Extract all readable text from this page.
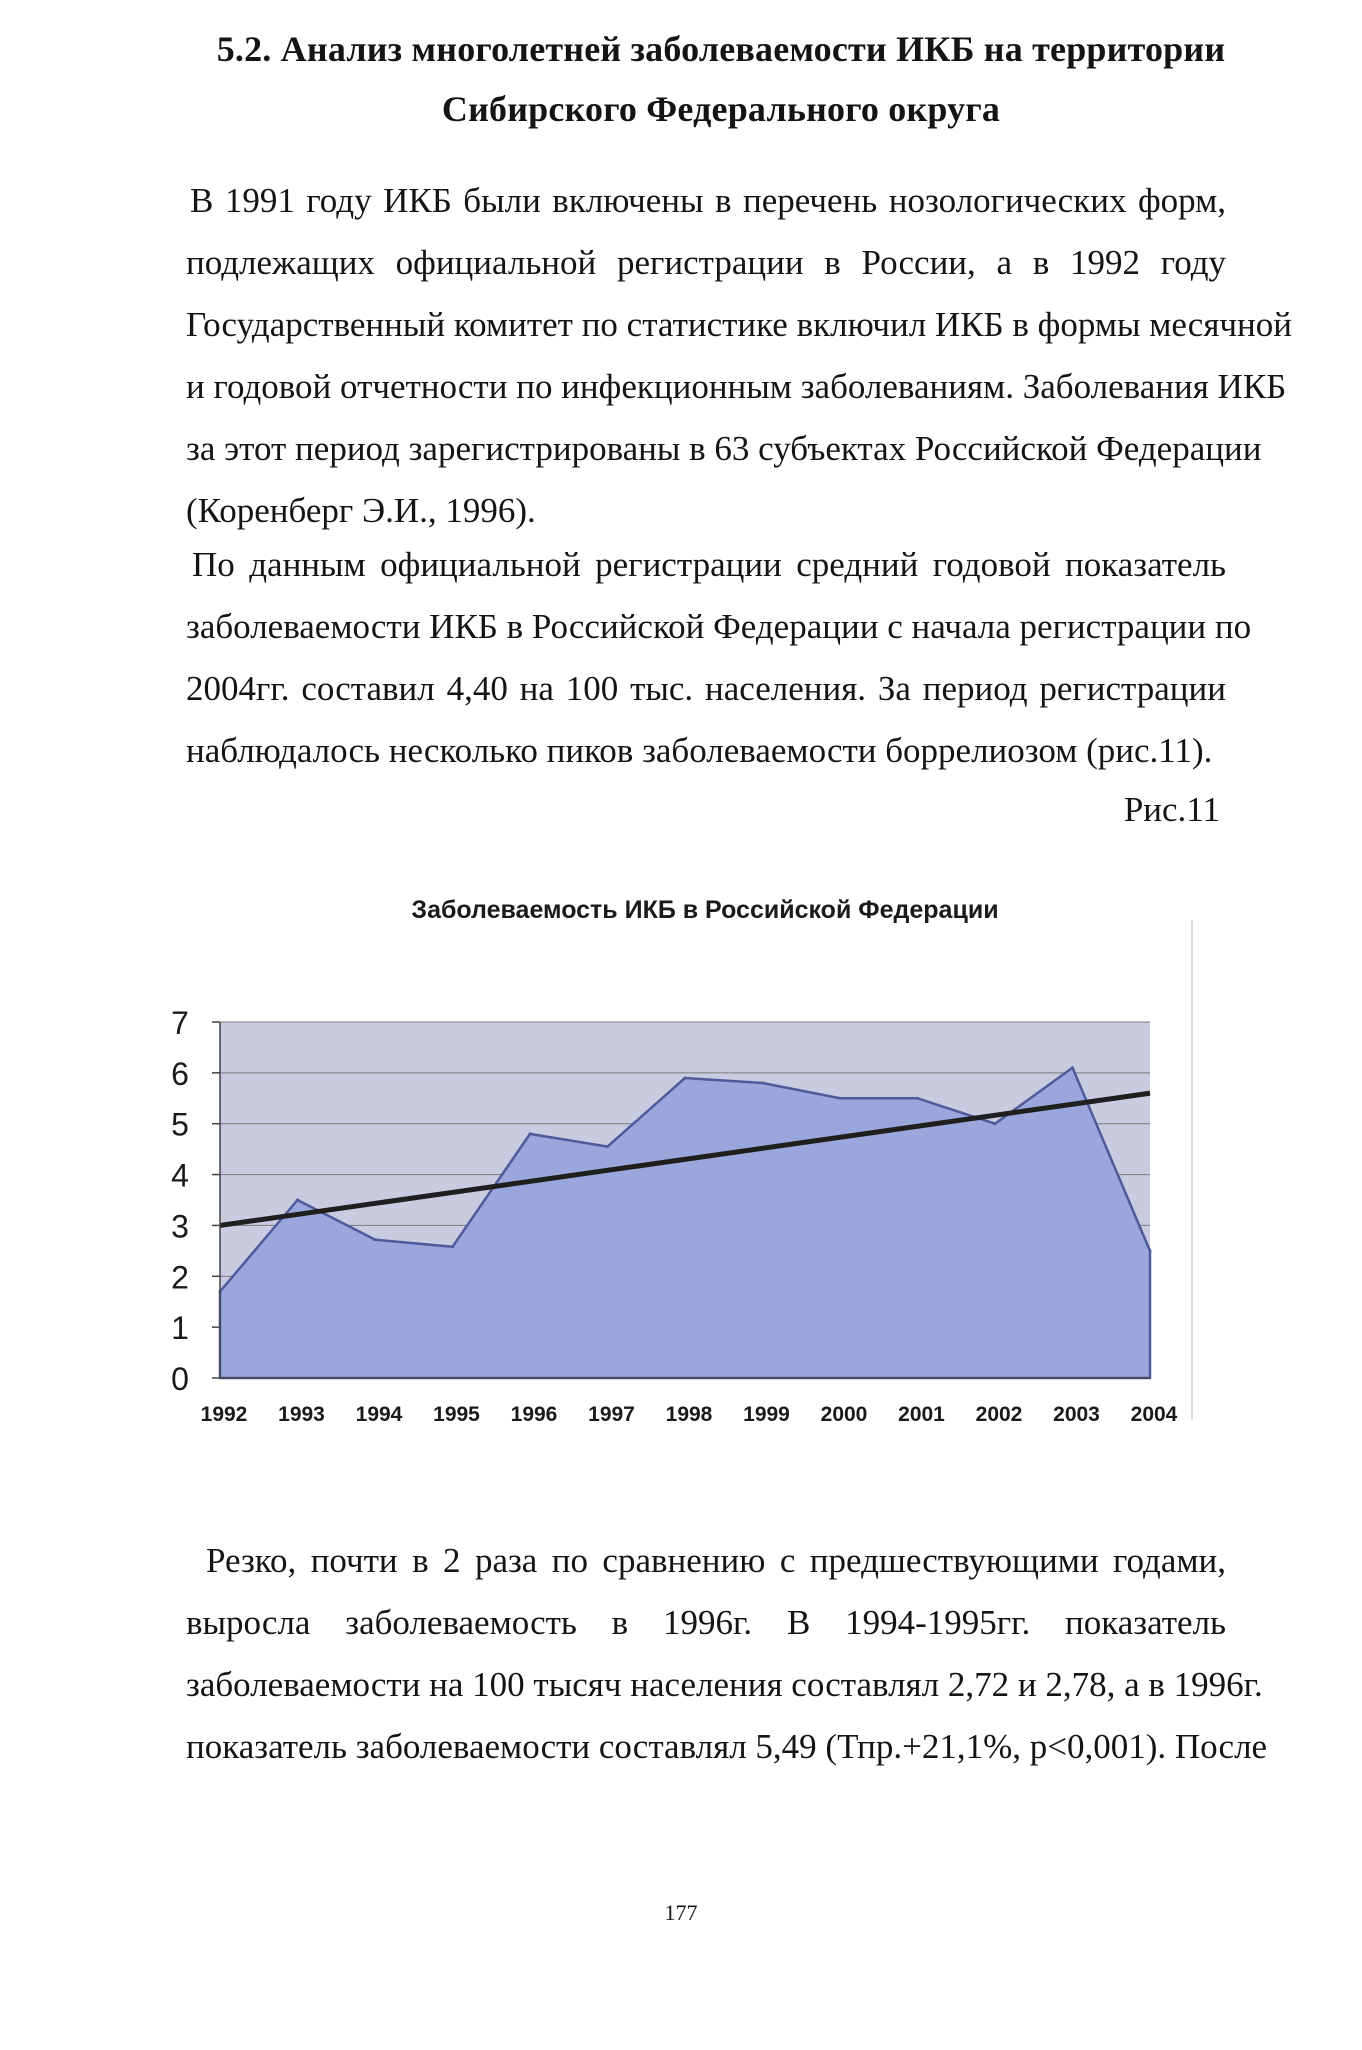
5.2. Анализ многолетней заболеваемости ИКБ на территории
Сибирского Федерального округа
В 1991 году ИКБ были включены в перечень нозологических форм,
подлежащих официальной регистрации в России, а в 1992 году
Государственный комитет по статистике включил ИКБ в формы месячной
и годовой отчетности по инфекционным заболеваниям. Заболевания ИКБ
за этот период зарегистрированы в 63 субъектах Российской Федерации
(Коренберг Э.И., 1996).
По данным официальной регистрации средний годовой показатель
заболеваемости ИКБ в Российской Федерации с начала регистрации по
2004гг. составил 4,40 на 100 тыс. населения. За период регистрации
наблюдалось несколько пиков заболеваемости боррелиозом (рис.11).
Рис.11
Заболеваемость ИКБ в Российской Федерации
0
1
2
3
4
5
6
7
1992 1993 1994 1995 1996 1997 1998 1999 2000 2001 2002 2003 2004
Резко, почти в 2 раза по сравнению с предшествующими годами,
выросла заболеваемость в 1996г. В 1994-1995гг. показатель
заболеваемости на 100 тысяч населения составлял 2,72 и 2,78, а в 1996г.
показатель заболеваемости составлял 5,49 (Тпр.+21,1%, р<0,001). После
177
